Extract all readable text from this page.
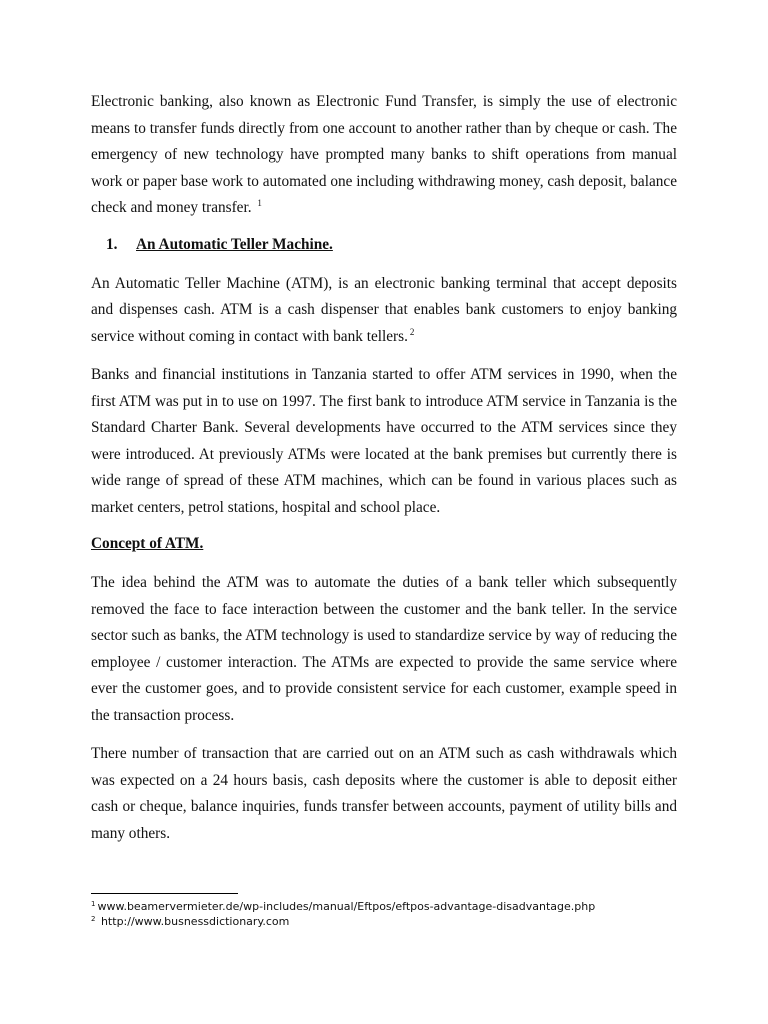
Electronic banking, also known as Electronic Fund Transfer, is simply the use of electronic means to transfer funds directly from one account to another rather than by cheque or cash. The emergency of new technology have prompted many banks to shift operations from manual work or paper base work to automated one including withdrawing money, cash deposit, balance check and money transfer. $^1$

1.	An Automatic Teller Machine.

An Automatic Teller Machine (ATM), is an electronic banking terminal that accept deposits and dispenses cash. ATM is a cash dispenser that enables bank customers to enjoy banking service without coming in contact with bank tellers. $^2$

Banks and financial institutions in Tanzania started to offer ATM services in 1990, when the first ATM was put in to use on 1997. The first bank to introduce ATM service in Tanzania is the Standard Charter Bank. Several developments have occurred to the ATM services since they were introduced. At previously ATMs were located at the bank premises but currently there is wide range of spread of these ATM machines, which can be found in various places such as market centers, petrol stations, hospital and school place.

Concept of ATM.

The idea behind the ATM was to automate the duties of a bank teller which subsequently removed the face to face interaction between the customer and the bank teller. In the service sector such as banks, the ATM technology is used to standardize service by way of reducing the employee / customer interaction. The ATMs are expected to provide the same service where ever the customer goes, and to provide consistent service for each customer, example speed in the transaction process.

There number of transaction that are carried out on an ATM such as cash withdrawals which was expected on a 24 hours basis, cash deposits where the customer is able to deposit either cash or cheque, balance inquiries, funds transfer between accounts, payment of utility bills and many others.

$^1$ www.beamervermieter.de/wp-includes/manual/Eftpos/eftpos-advantage-disadvantage.php
$^2$ http://www.busnessdictionary.com
